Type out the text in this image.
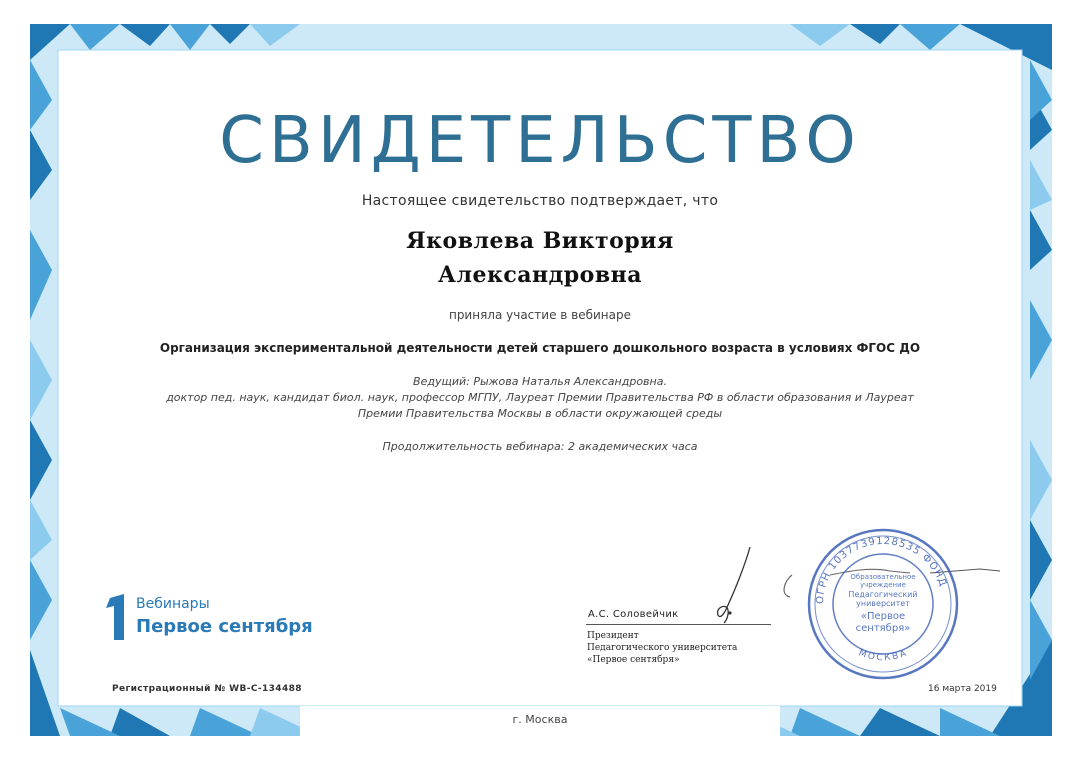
СВИДЕТЕЛЬСТВО
Настоящее свидетельство подтверждает, что
Яковлева Виктория
Александровна
приняла участие в вебинаре
Организация экспериментальной деятельности детей старшего дошкольного возраста в условиях ФГОС ДО
Ведущий: Рыжова Наталья Александровна.
доктор пед. наук, кандидат биол. наук, профессор МГПУ, Лауреат Премии Правительства РФ в области образования и Лауреат
Премии Правительства Москвы в области окружающей среды
Продолжительность вебинара: 2 академических часа
Вебинары
Первое сентября
Регистрационный № WB-С-134488
А.С. Соловейчик
Президент
Педагогического университета
«Первое сентября»
ОГРН 1037739128535 ФОНД
МОСКВА
Образовательное
учреждение
Педагогический
университет
«Первое
сентября»
16 марта 2019
г. Москва
